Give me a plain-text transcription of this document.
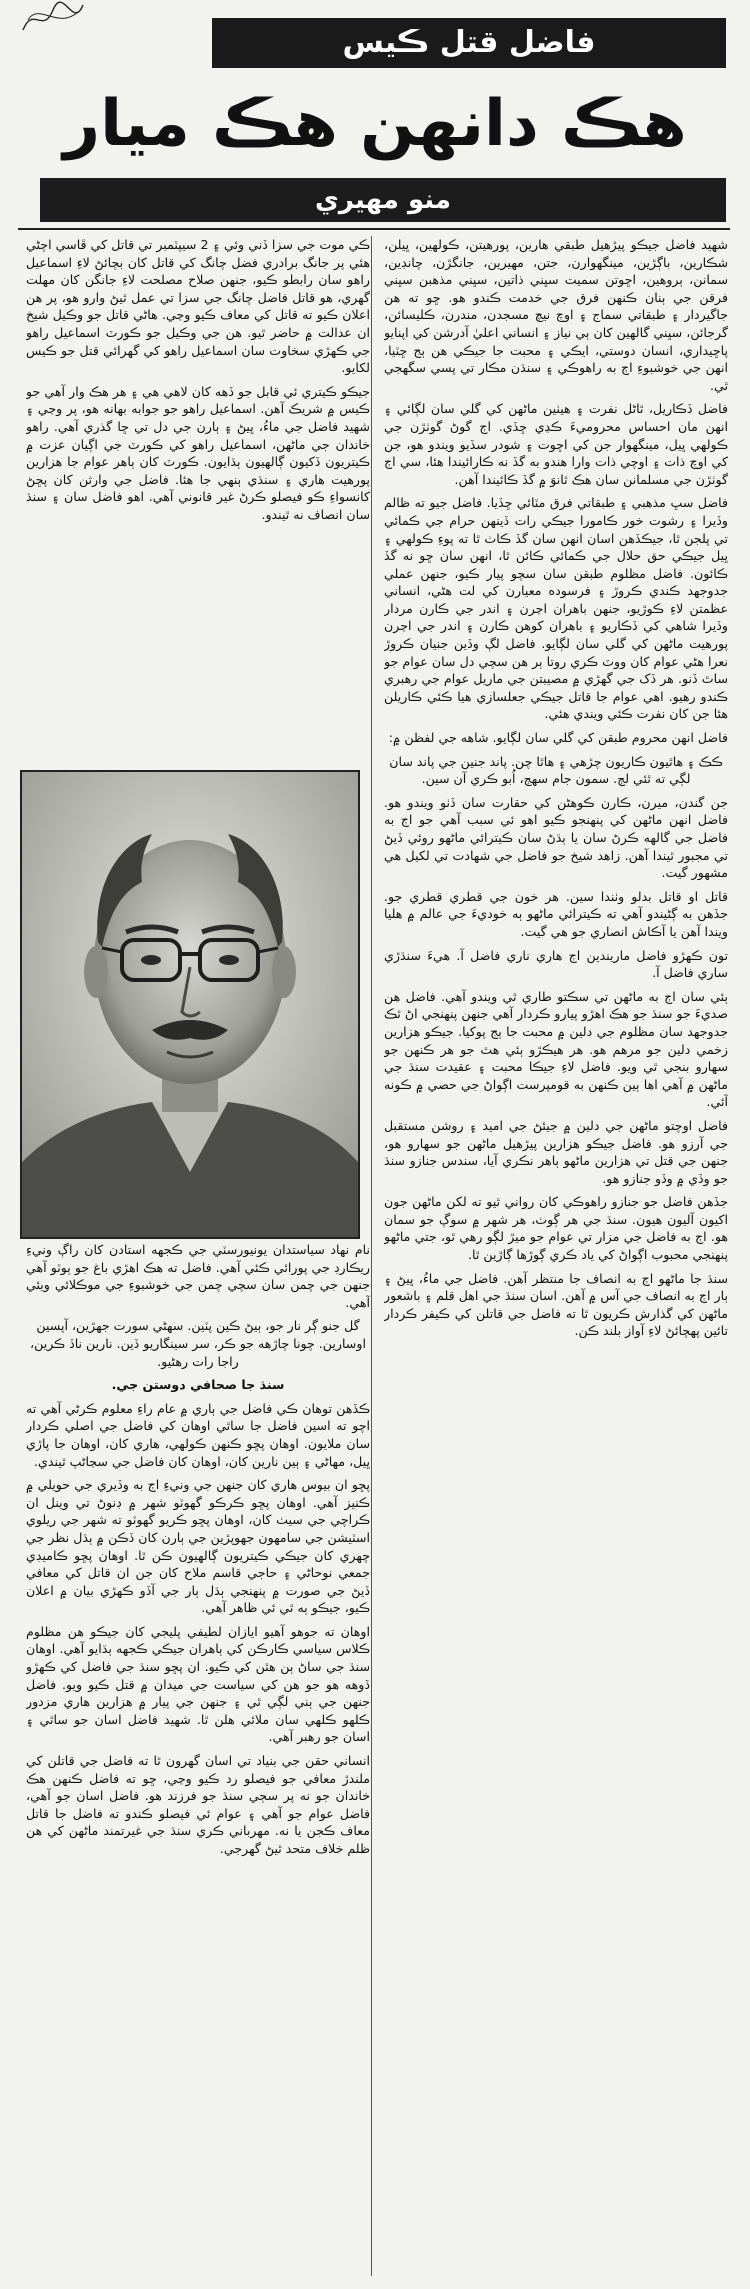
فاضل قتل ڪيس
هڪ دانهن هڪ ميار
منو مهيري

شهيد فاضل جيڪو پيڙهيل طبقي هارين، پورهيتن، ڪولهين، ڀيلن، شڪارين، باڳڙين، مينگهوارن، جتن، مهيرين، جانگڙن، چانڊين، سمانن، ٻروهين، اڇوتن سميت سڀني ذاتين، سڀني مذهبن سڀني فرقن جي ٻنان ڪنهن فرق جي خدمت ڪندو هو. ڇو ته هن جاگيردار ۽ طبقاتي سماج ۽ اوچ نيچ مسجدن، مندرن، ڪليسائن، گرجائن، سڀني گالهين کان ٻي نياز ۽ انساني اعليٰ آدرشن کي اپنايو پاڇيداري، انسان دوستي، ايڪي ۽ محبت جا جيڪي هن ٻج ڇٽيا، انهن جي خوشبوءِ اڄ به راهوڪي ۽ سنڌن مڪار تي پسي سگهجي ٿي.

فاضل ڏڪاريل، ٿاڻل نفرت ۽ هيٺين ماڻهن کي گلي سان لڳائي ۽ انهن مان احساس محروميءَ ڪڍي ڇڏي. اڄ گوڻ گوٺڙن جي ڪولهي ڀيل، مينگهوار جن کي اڇوت ۽ شودر سڏيو ويندو هو، جن کي اوچ ذات ۽ اوچي ذات وارا هندو به گڏ نه ڪارائيندا هئا، سي اڄ گوٺڙن جي مسلمانن سان هڪ ٿانوَ ۾ گڏ ڪائيندا آهن.

فاضل سڀ مذهبي ۽ طبقاتي فرق مٽائي ڇڏيا. فاضل جيو ته ظالم وڏيرا ۽ رشوت خور ڪامورا جيڪي رات ڏينهن حرام جي ڪمائي تي پلجن ٿا، جيڪڏهن اسان انهن سان گڏ ڪاٺ ٿا ته پوءِ ڪولهي ۽ ڀيل جيڪي حق حلال جي ڪمائي ڪائن ٿا، انهن سان ڇو نه گڏ ڪائون. فاضل مظلوم طبقن سان سچو پيار ڪيو، جنهن عملي جدوجهد ڪندي ڪروڙ ۽ فرسوده معيارن کي لت هڻي، انساني عظمتن لاءِ ڪوڙيو، جنهن باهران اڃرن ۽ اندر جي ڪارن مردار وڏيرا شاهي کي ڏڪاريو ۽ باهران کوهن ڪارن ۽ اندر جي اڃرن پورهيت ماڻهن کي گلي سان لڳايو. فاضل لڳ وڏين جنيان ڪروڙ نعرا هڻي عوام کان ووٽ ڪري روتا ٻر هن سچي دل سان عوام جو ساٿ ڏنو. هر ڏک جي گهڙي ۾ مصيبتن جي ماريل عوام جي رهبري ڪندو رهيو. اهي عوام جا قاتل جيڪي جعلسازي هيا ڪئي ڪاريلن هئا جن کان نفرت ڪئي ويندي هئي.

فاضل انهن محروم طبقن کي گلي سان لڳايو. شاهه جي لفظن ۾:

ڪڪ ۽ هاٿيون ڪاريون چڙهي ۽ هاٿا چن. پاند جنين جي پاند سان لڳي ته ٿئي لڄ. سمون جام سهڄ، اُبو ڪري آن سين.

جن گندن، ميرن، ڪارن ڪوهڻن کي حقارت سان ڏٺو ويندو هو. فاضل انهن ماڻهن کي پنهنجو ڪيو اهو ئي سبب آهي جو اڄ به فاضل جي گالهه ڪرڻ سان يا ٻڌڻ سان ڪيترائي ماڻهو روئي ڏيڻ تي مجبور ٿيندا آهن. زاهد شيخ جو فاضل جي شهادت تي لکيل هي مشهور گيت.

قاتل او قاتل بدلو وٺندا سين. هر خون جي قطري قطري جو. جڏهن به ڳڻيندو آهي ته ڪيترائي ماڻهو ٻه خوديءَ جي عالم ۾ هليا ويندا آهن يا آڪاش انصاري جو هي گيت.

تون ڪهڙو فاضل ماريندين اڄ هاري ناري فاضل آ. هيءَ سنڌڙي ساري فاضل آ.

ٻئي سان اڄ به ماڻهن تي سڪتو طاري ٿي ويندو آهي. فاضل هن صديءَ جو سنڌ جو هڪ اهڙو پيارو ڪردار آهي جنهن پنهنجي اڻ ٿڪ جدوجهد سان مظلوم جي دلين ۾ محبت جا ٻج پوکيا. جيڪو هزارين زخمي دلين جو مرهم هو. هر هيڪڙو ٻئي هٿ جو هر ڪنهن جو سهارو بنجي ٿي ويو. فاضل لاءِ جيڪا محبت ۽ عقيدت سنڌ جي ماڻهن ۾ آهي اها ٻين ڪنهن به قومپرست اڳواڻ جي حصي ۾ ڪونه آئي.

فاضل اوچتو ماڻهن جي دلين ۾ جيئڻ جي اميد ۽ روشن مستقبل جي آرزو هو. فاضل جيڪو هزارين پيڙهيل ماڻهن جو سهارو هو، جنهن جي قتل تي هزارين ماڻهو ٻاهر نڪري آيا، سندس جنازو سنڌ جو وڏي ۾ وڏو جنازو هو.

جڏهن فاضل جو جنازو راهوڪي کان رواني ٿيو ته لکن ماڻهن جون اکيون آليون هيون. سنڌ جي هر ڳوٺ، هر شهر ۾ سوڳ جو سمان هو. اڄ به فاضل جي مزار تي عوام جو ميڙ لڳو رهي ٿو، جتي ماڻهو پنهنجي محبوب اڳواڻ کي ياد ڪري ڳوڙها ڳاڙين ٿا.

سنڌ جا ماڻهو اڄ به انصاف جا منتظر آهن. فاضل جي ماءُ، ڀيڻ ۽ ٻار اڄ به انصاف جي آس ۾ آهن. اسان سنڌ جي اهل قلم ۽ باشعور ماڻهن کي گذارش ڪريون ٿا ته فاضل جي قاتلن کي ڪيفر ڪردار تائين پهچائڻ لاءِ آواز بلند ڪن.

ڪي موت جي سزا ڏني وئي ۽ 2 سيپٽمبر تي قاتل کي ڦاسي اچڻي هئي پر جانگ برادري فضل چانگ کي قاتل کان بچائڻ لاءِ اسماعيل راهو سان رابطو ڪيو، جنهن صلاح مصلحت لاءِ جانگن کان مهلت گهري، هو قاتل فاضل چانگ جي سزا تي عمل ٿيڻ وارو هو، پر هن اعلان ڪيو ته قاتل کي معاف ڪيو وڃي. هاڻي قاتل جو وڪيل شيخ ان عدالت ۾ حاضر ٿيو. هن جي وڪيل جو ڪورٽ اسماعيل راهو جي ڪهڙي سخاوت سان اسماعيل راهو کي گهرائي قتل جو ڪيس لکايو.

جيڪو ڪيتري ئي قابل جو ڏهه کان لاهي هي ۽ هر هڪ وار آهي جو ڪيس ۾ شريڪ آهن. اسماعيل راهو جو جوابه بهانه هو، پر وڃي ۽ شهيد فاضل جي ماءُ، ڀيڻ ۽ ٻارن جي دل تي ڇا گذري آهي. راهو خاندان جي ماڻهن، اسماعيل راهو کي ڪورٽ جي اڳيان عزت ۾ ڪيتريون ڏکيون ڳالهيون ٻڌايون. ڪورٽ کان ٻاهر عوام جا هزارين پورهيت هاري ۽ سنڌي ٻنهي جا هئا. فاضل جي وارثن کان پڇڻ کانسواءِ ڪو فيصلو ڪرڻ غير قانوني آهي. اهو فاضل سان ۽ سنڌ سان انصاف نه ٿيندو.

نام نهاد سياستدان يونيورسٽي جي ڪجهه استادن کان راڳ ونيءِ ريڪارڊ جي پورائي ڪئي آهي. فاضل ته هڪ اهڙي باغ جو ٻوٽو آهي جنهن جي چمن سان سچي چمن جي خوشبوءِ جي موڪلائي ويئي آهي.

گل جنو ڳر نار جو، ٻيڻ ڪين پٽين. سهڻي سورت جهڙين، آپسين اوسارين. چونا چاڙهه جو ڪر، سر سينگاريو ڏين. نارين ناڏ ڪرين، راجا رات رهڻيو.

سنڌ جا صحافي دوستن جي.

ڪڏهن توهان ڪي فاضل جي ٻاري ۾ عام راءِ معلوم ڪرڻي آهي ته اچو ته اسين فاضل جا ساٿي اوهان کي فاضل جي اصلي ڪردار سان ملايون. اوهان پڇو ڪنهن ڪولهي، هاري کان، اوهان جا پاڙي ڀيل، مهاڻي ۽ ٻين نارين کان، اوهان کان فاضل جي سڃاڻپ ٿيندي.

پڇو ان بيوس هاري کان جنهن جي ونيءِ اڄ به وڏيري جي حويلي ۾ ڪنيز آهي. اوهان پڇو ڪرڪو گهوٽو شهر ۾ ڊنوڻ تي وينل ان ڪراچي جي سيٺ کان، اوهان پڇو ڪريو گهوٽو ته شهر جي ريلوي اسٽيشن جي سامهون جهوپڙين جي ٻارن کان ڏڪن ۾ ٻڌل نظر جي چهري کان جيڪي ڪيتريون ڳالهيون ڪن ٿا. اوهان پڇو ڪاميڊي جمعي نوحاڻي ۽ حاجي قاسم ملاح کان جن ان قاتل کي معافي ڏيڻ جي صورت ۾ پنهنجي ٻڌل ٻار جي آڏو ڪهڙي بيان ۾ اعلان ڪيو، جيڪو ٻه ٿي ئي ظاهر آهي.

اوهان ته جوهو آهيو ايازان لطيفي پليجي کان جيڪو هن مظلوم ڪلاس سياسي ڪارڪن کي ٻاهران جيڪي ڪجهه ٻڌايو آهي. اوهان سنڌ جي ساڻ ٻن هٿن کي ڪيو. ان پڇو سنڌ جي فاضل کي ڪهڙو ڏوهه هو جو هن کي سياست جي ميدان ۾ قتل ڪيو ويو. فاضل جنهن جي ٻني لڳي ٿي ۽ جنهن جي پيار ۾ هزارين هاري مزدور ڪلهو ڪلهي سان ملائي هلن ٿا. شهيد فاضل اسان جو ساٿي ۽ اسان جو رهبر آهي.

انساني حقن جي بنياد تي اسان گهرون ٿا ته فاضل جي قاتلن کي ملندڙ معافي جو فيصلو رد ڪيو وڃي، ڇو ته فاضل ڪنهن هڪ خاندان جو نه پر سڄي سنڌ جو فرزند هو. فاضل اسان جو آهي، فاضل عوام جو آهي ۽ عوام ئي فيصلو ڪندو ته فاضل جا قاتل معاف ڪجن يا نه. مهرباني ڪري سنڌ جي غيرتمند ماڻهن کي هن ظلم خلاف متحد ٿيڻ گهرجي.
